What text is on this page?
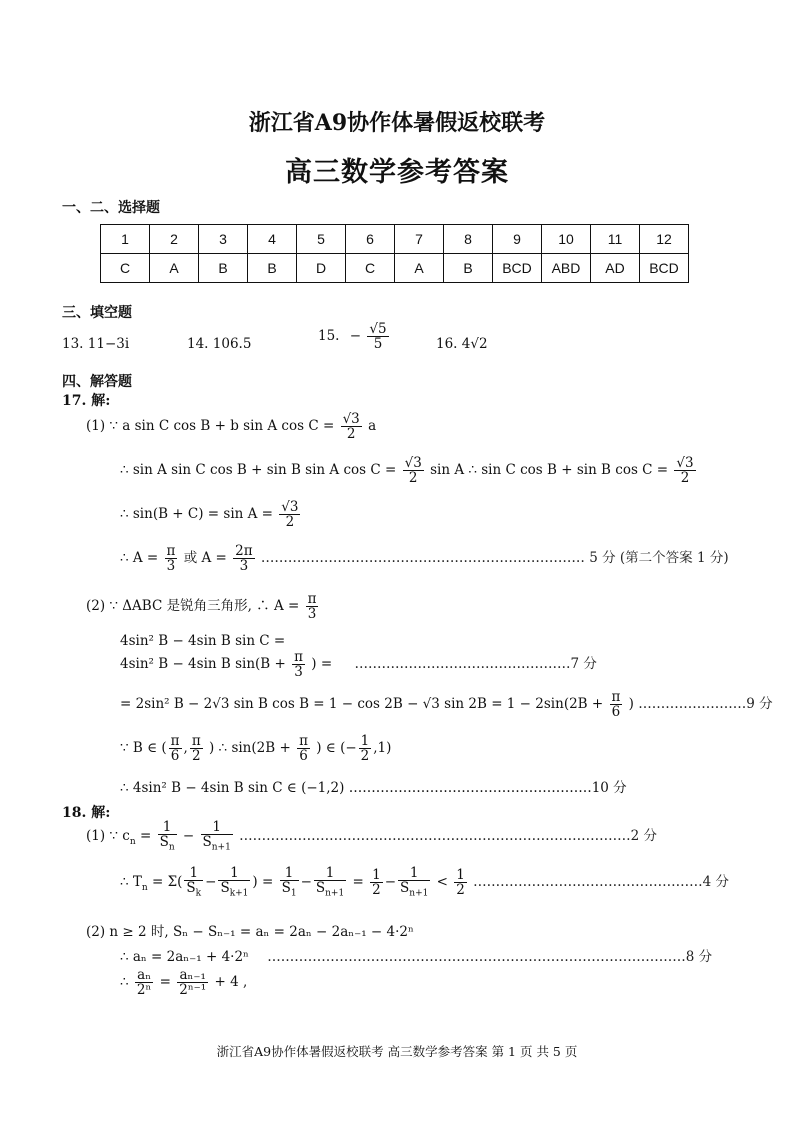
浙江省A9协作体暑假返校联考
高三数学参考答案
一、二、选择题
1	2	3	4	5	6	7	8	9	10	11	12
C	A	B	B	D	C	A	B	BCD	ABD	AD	BCD
三、填空题
13. 11−3i	14. 106.5	15. − $\frac{√5}{5}$	16. 4√2
四、解答题
17. 解:
(1) ∵ a sin C cos B + b sin A $\cos C = \frac{√3}{2}$ a
∴ sin A sin C cos B + sin B sin A $\cos C = \frac{√3}{2}$ sin A ∴ sin C cos B + sin B $\cos C = \frac{√3}{2}$
∴ $\sin(B + C) = \sin A = \frac{√3}{2}$
∴ $A = \frac{\pi}{3}$ 或 $A = \frac{2\pi}{3}$ ……………………………………………………………… 5 分 (第二个答案 1 分)
(2) ∵ ΔABC 是锐角三角形, ∴ $A = \frac{\pi}{3}$
4sin² B − 4sin B sin C =
4sin² B − 4sin B $\sin(B + \frac{\pi}{3}$ ) = …………………………………………7 分
= 2sin² B − 2√3 sin B cos B = 1 − cos 2B − √3 $\sin 2B = 1 - 2\sin(2B + \frac{\pi}{6}$ ) ……………………9 分
∵ B ∈ ( $\frac{\pi}{6}$ , $\frac{\pi}{2}$ ) ∴ $\sin(2B + \frac{\pi}{6}$ ) ∈ (− $\frac{1}{2} ,1$)
∴ 4sin² B − 4sin B sin C ∈ (−1,2) ………………………………………………10 分
18. 解:
(1) ∵ $c_n = \frac{1}{S_n} - \frac{1}{S_{n+1}}$ ……………………………………………………………………………2 分
∴ $T_n = \Sigma( \frac{1}{S_k} - \frac{1}{S_{k+1}}$ ) = $\frac{1}{S_1} - \frac{1}{S_{n+1}} = \frac{1}{2} - \frac{1}{S_{n+1}} < \frac{1}{2}$ ……………………………………………4 分
(2) n ≥ 2 时, Sₙ − Sₙ₋₁ = aₙ = 2aₙ − 2aₙ₋₁ − 4·2ⁿ
∴ aₙ = 2aₙ₋₁ + 4·2ⁿ …………………………………………………………………………………8 分
∴ $\frac{\text{aₙ}}{\text{2ⁿ}} = \frac{\text{aₙ₋₁}}{\text{2ⁿ⁻¹}} + 4$ ,
浙江省A9协作体暑假返校联考 高三数学参考答案 第 1 页 共 5 页
